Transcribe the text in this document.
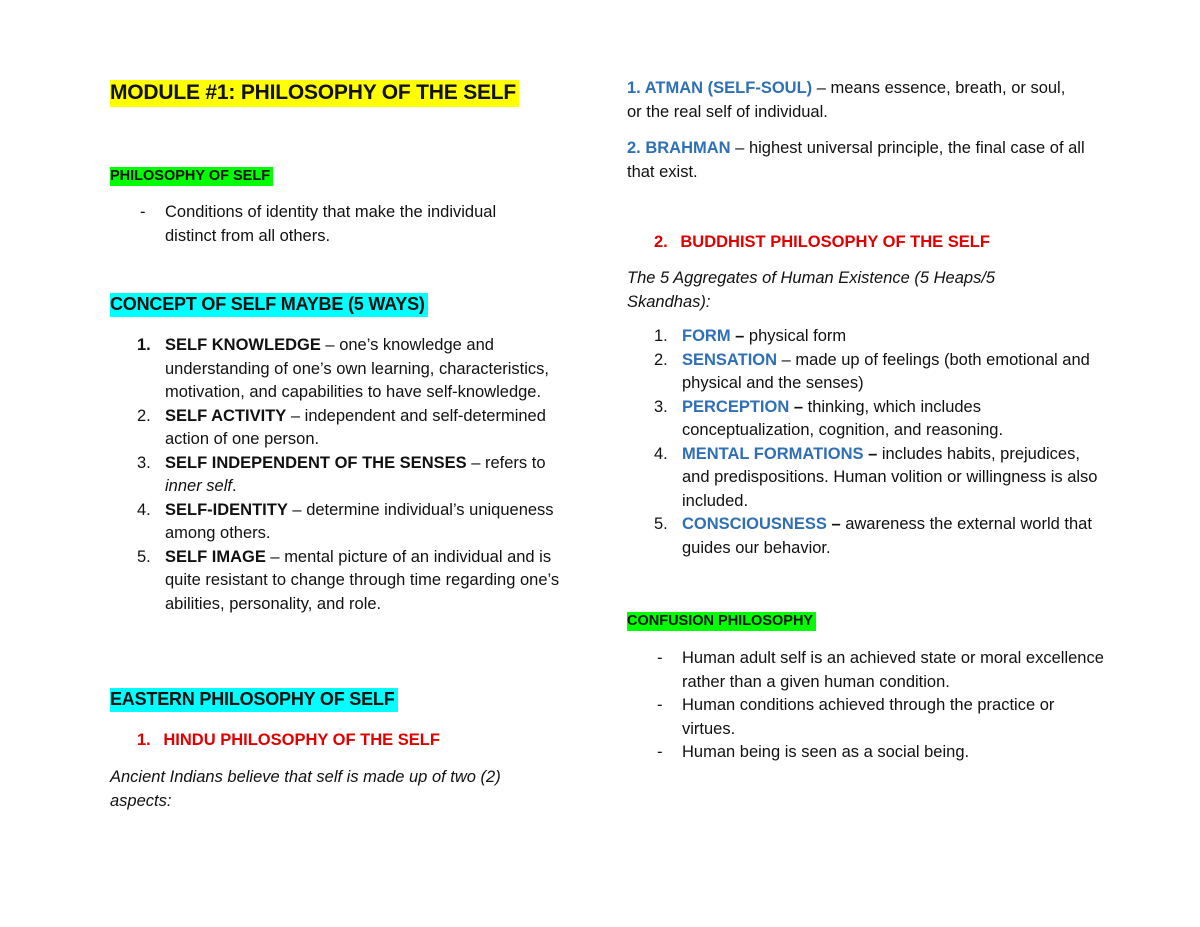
MODULE #1: PHILOSOPHY OF THE SELF
PHILOSOPHY OF SELF
- Conditions of identity that make the individual distinct from all others.
CONCEPT OF SELF MAYBE (5 WAYS)
1. SELF KNOWLEDGE – one’s knowledge and understanding of one’s own learning, characteristics, motivation, and capabilities to have self-knowledge.
2. SELF ACTIVITY – independent and self-determined action of one person.
3. SELF INDEPENDENT OF THE SENSES – refers to inner self.
4. SELF-IDENTITY – determine individual’s uniqueness among others.
5. SELF IMAGE – mental picture of an individual and is quite resistant to change through time regarding one’s abilities, personality, and role.
EASTERN PHILOSOPHY OF SELF
1. HINDU PHILOSOPHY OF THE SELF
Ancient Indians believe that self is made up of two (2) aspects:
1. ATMAN (SELF-SOUL) – means essence, breath, or soul, or the real self of individual.
2. BRAHMAN – highest universal principle, the final case of all that exist.
2. BUDDHIST PHILOSOPHY OF THE SELF
The 5 Aggregates of Human Existence (5 Heaps/5 Skandhas):
1. FORM – physical form
2. SENSATION – made up of feelings (both emotional and physical and the senses)
3. PERCEPTION – thinking, which includes conceptualization, cognition, and reasoning.
4. MENTAL FORMATIONS – includes habits, prejudices, and predispositions. Human volition or willingness is also included.
5. CONSCIOUSNESS – awareness the external world that guides our behavior.
CONFUSION PHILOSOPHY
- Human adult self is an achieved state or moral excellence rather than a given human condition.
- Human conditions achieved through the practice or virtues.
- Human being is seen as a social being.
